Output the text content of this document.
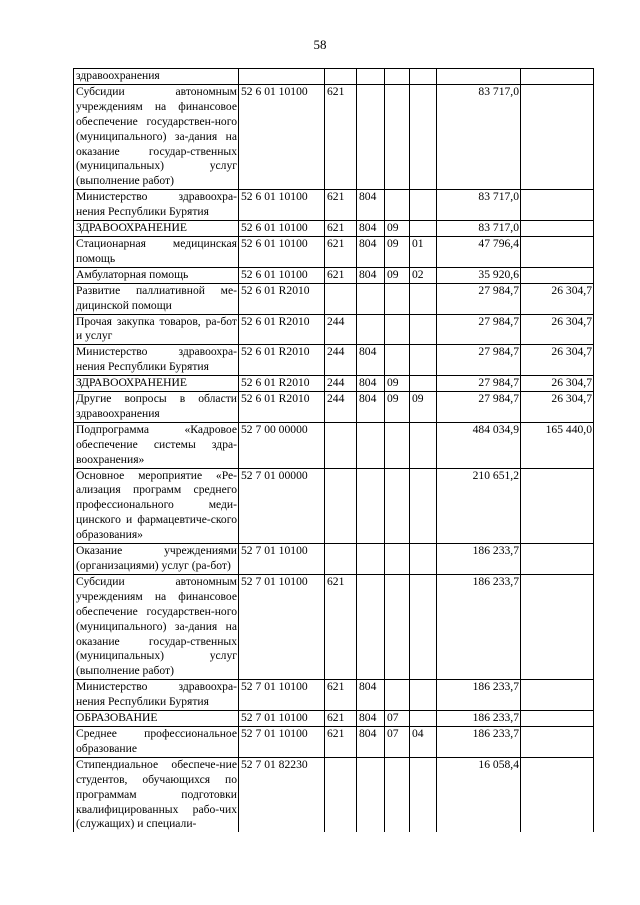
58
здравоохранения							
Субсидии автономным учреждениям на финансовое обеспечение государствен-ного (муниципального) за-дания на оказание государ-ственных (муниципальных) услуг (выполнение работ)	52 6 01 10100	621				83 717,0	
Министерство здравоохра-нения Республики Бурятия	52 6 01 10100	621	804			83 717,0	
ЗДРАВООХРАНЕНИЕ	52 6 01 10100	621	804	09		83 717,0	
Стационарная медицинская помощь	52 6 01 10100	621	804	09	01	47 796,4	
Амбулаторная помощь	52 6 01 10100	621	804	09	02	35 920,6	
Развитие паллиативной ме-дицинской помощи	52 6 01 R2010					27 984,7	26 304,7
Прочая закупка товаров, ра-бот и услуг	52 6 01 R2010	244				27 984,7	26 304,7
Министерство здравоохра-нения Республики Бурятия	52 6 01 R2010	244	804			27 984,7	26 304,7
ЗДРАВООХРАНЕНИЕ	52 6 01 R2010	244	804	09		27 984,7	26 304,7
Другие вопросы в области здравоохранения	52 6 01 R2010	244	804	09	09	27 984,7	26 304,7
Подпрограмма «Кадровое обеспечение системы здра-воохранения»	52 7 00 00000					484 034,9	165 440,0
Основное мероприятие «Ре-ализация программ среднего профессионального меди-цинского и фармацевтиче-ского образования»	52 7 01 00000					210 651,2	
Оказание учреждениями (организациями) услуг (ра-бот)	52 7 01 10100					186 233,7	
Субсидии автономным учреждениям на финансовое обеспечение государствен-ного (муниципального) за-дания на оказание государ-ственных (муниципальных) услуг (выполнение работ)	52 7 01 10100	621				186 233,7	
Министерство здравоохра-нения Республики Бурятия	52 7 01 10100	621	804			186 233,7	
ОБРАЗОВАНИЕ	52 7 01 10100	621	804	07		186 233,7	
Среднее профессиональное образование	52 7 01 10100	621	804	07	04	186 233,7	
Стипендиальное обеспече-ние студентов, обучающихся по программам подготовки квалифицированных рабо-чих (служащих) и специали-	52 7 01 82230					16 058,4	
